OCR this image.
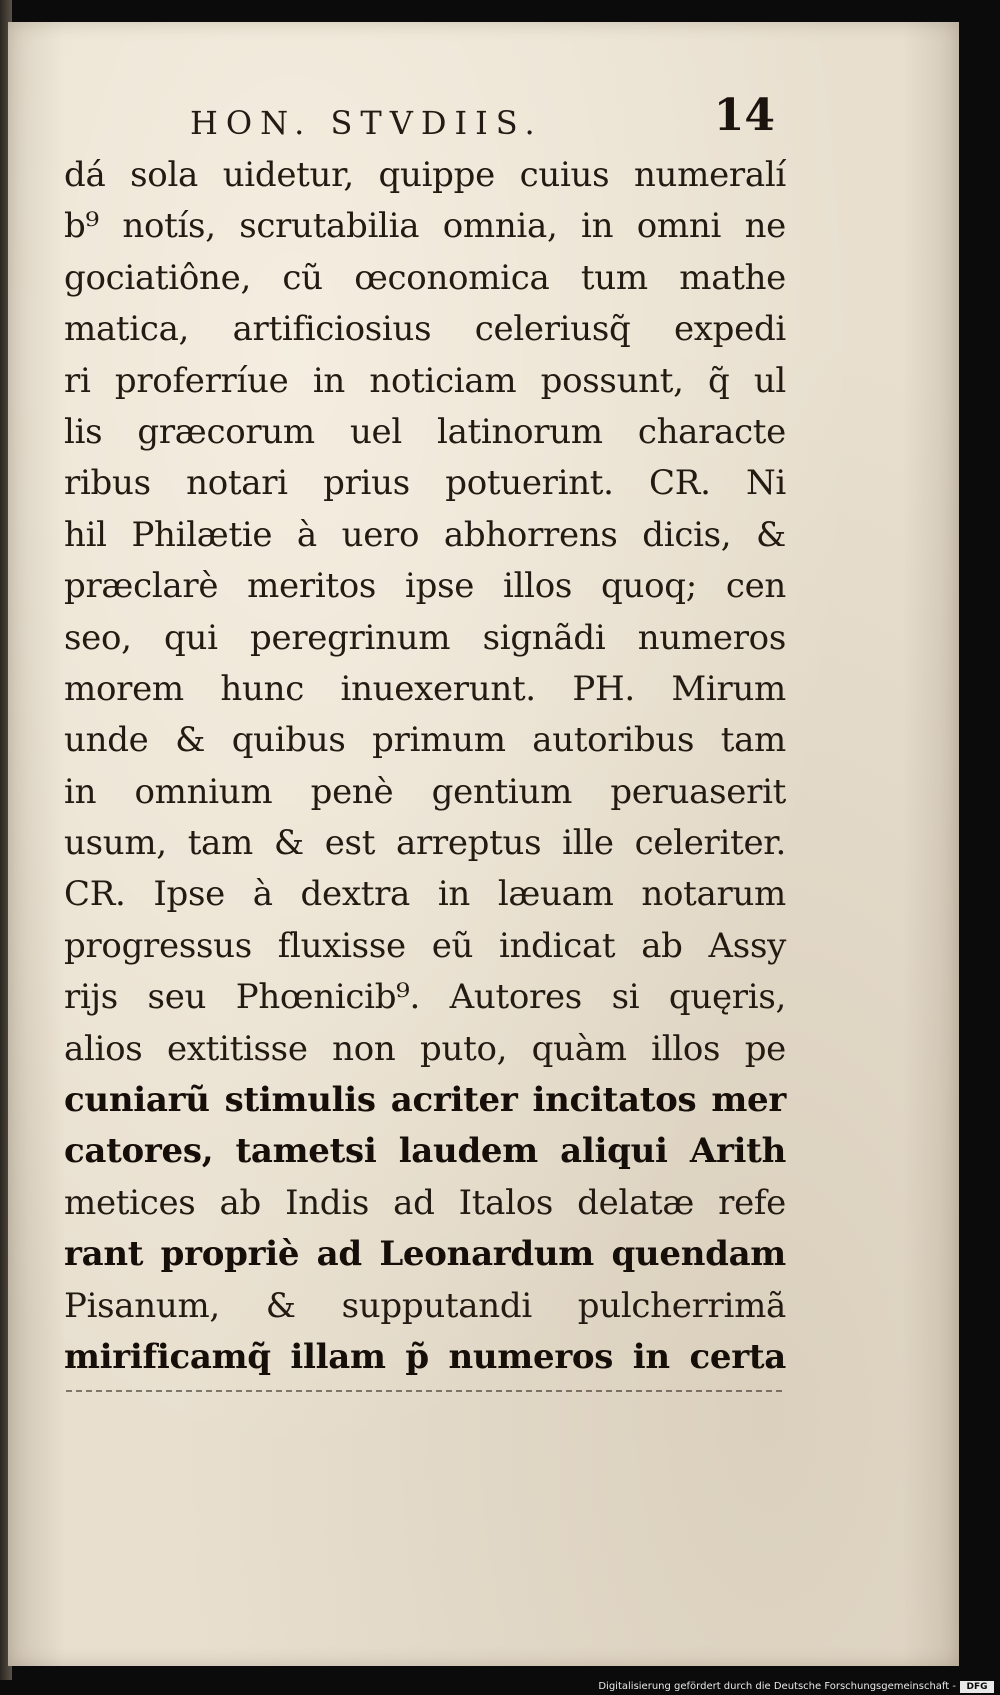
HON. STVDIIS.	14
dá sola uidetur, quippe cuius numeralí
b⁹ notís, scrutabilia omnia, in omni ne
gociatiône, cũ œconomica tum mathe
matica, artificiosius celeriusq̃ expedi
ri proferríue in noticiam possunt, q̃ ul
lis græcorum uel latinorum characte
ribus notari prius potuerint. CR. Ni
hil Philætie à uero abhorrens dicis, &
præclarè meritos ipse illos quoq; cen
seo, qui peregrinum signãdi numeros
morem hunc inuexerunt. PH. Mirum
unde & quibus primum autoribus tam
in omnium penè gentium peruaserit
usum, tam & est arreptus ille celeriter.
CR. Ipse à dextra in læuam notarum
progressus fluxisse eũ indicat ab Assy
rijs seu Phœnicib⁹. Autores si quęris,
alios extitisse non puto, quàm illos pe
cuniarũ stimulis acriter incitatos mer
catores, tametsi laudem aliqui Arith
metices ab Indis ad Italos delatæ refe
rant propriè ad Leonardum quendam
Pisanum, & supputandi pulcherrimã
mirificamq̃ illam p̃ numeros in certa
Digitalisierung gefördert durch die Deutsche Forschungsgemeinschaft -	DFG
